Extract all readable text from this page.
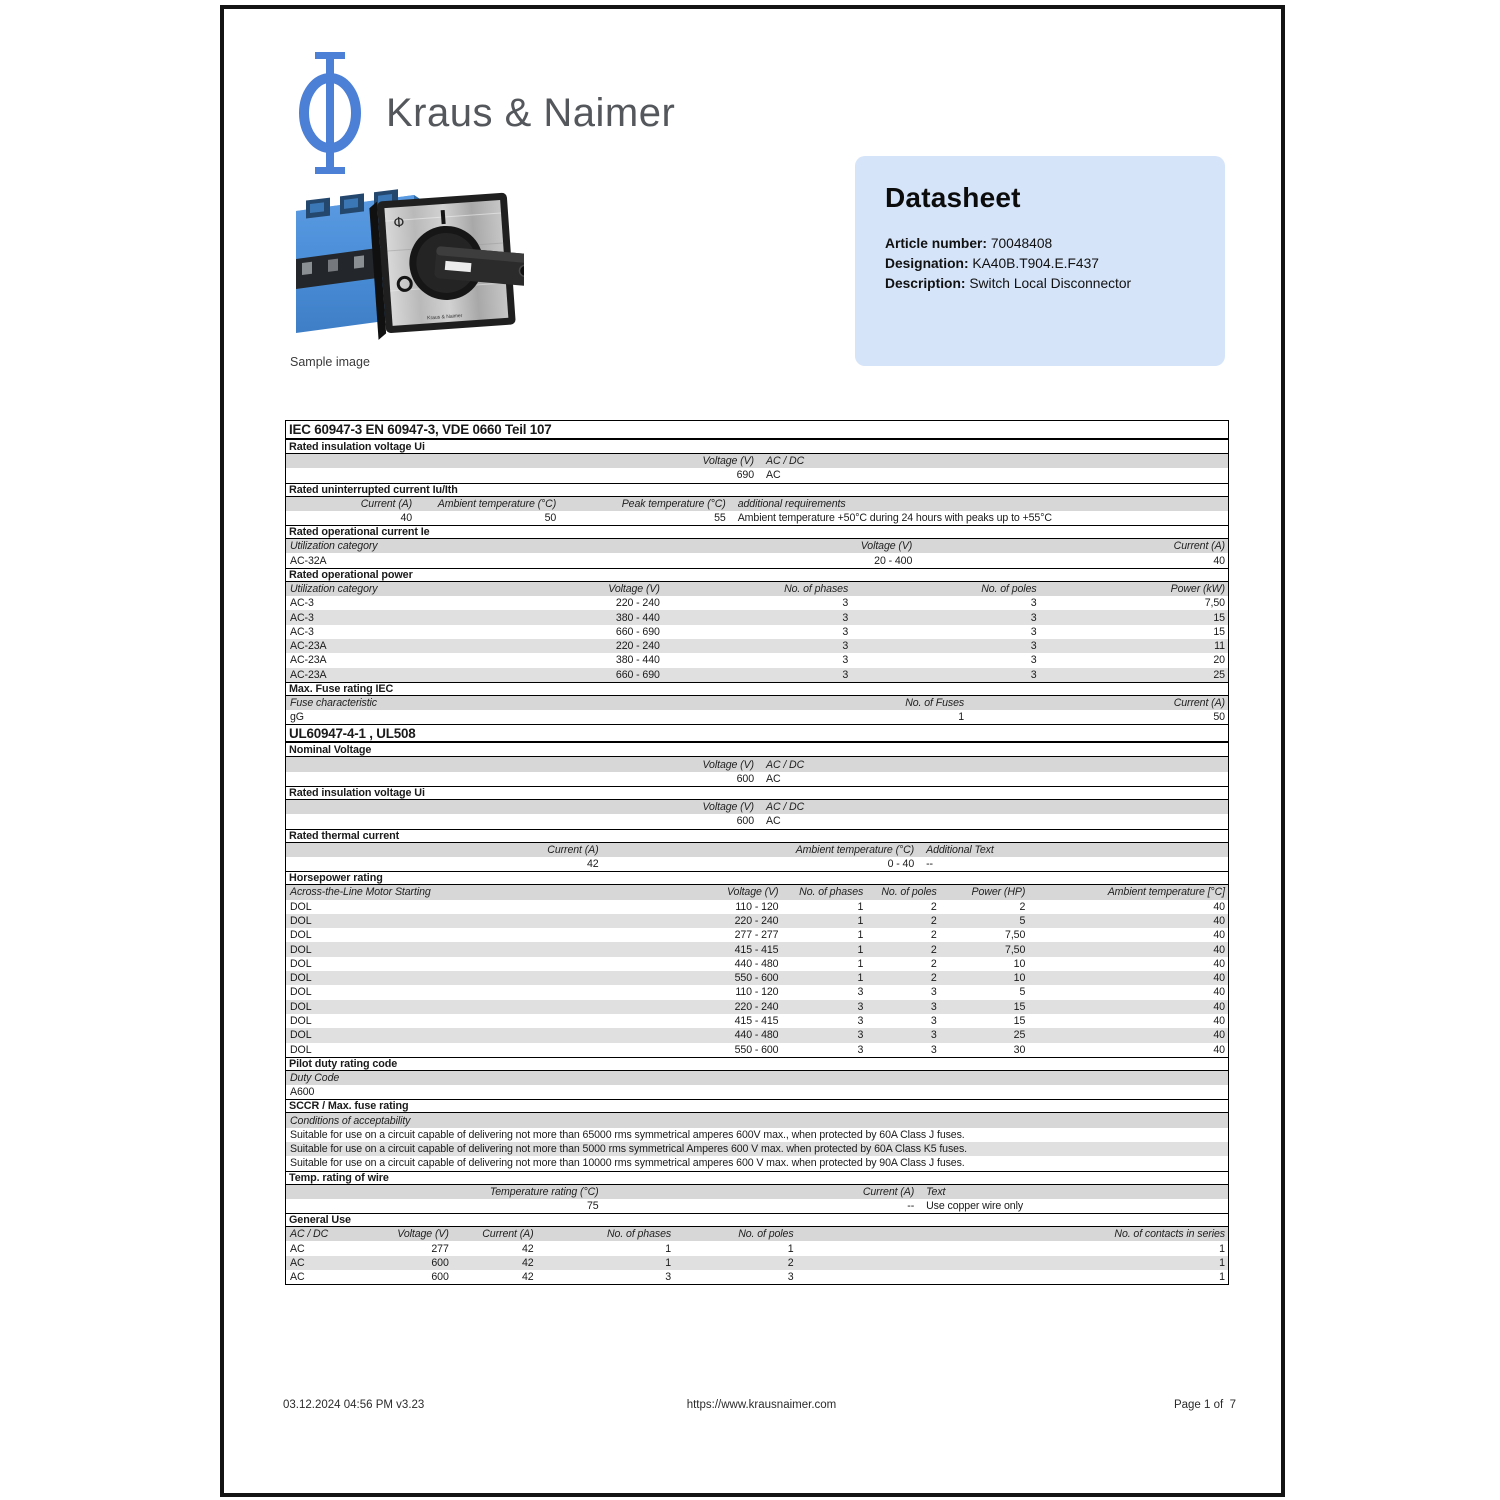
Kraus & Naimer
Φ
Kraus & Naimer
Sample image
Datasheet
Article number: 70048408
Designation: KA40B.T904.E.F437
Description: Switch Local Disconnector
IEC 60947-3 EN 60947-3, VDE 0660 Teil 107
Rated insulation voltage Ui
Voltage (V)	AC / DC
690	AC
Rated uninterrupted current Iu/Ith
Current (A)	Ambient temperature (°C)	Peak temperature (°C)	additional requirements
40	50	55	Ambient temperature +50°C during 24 hours with peaks up to +55°C
Rated operational current Ie
Utilization category	Voltage (V)	Current (A)
AC-32A	20 - 400	40
Rated operational power
Utilization category	Voltage (V)	No. of phases	No. of poles	Power (kW)
AC-3	220 - 240	3	3	7,50
AC-3	380 - 440	3	3	15
AC-3	660 - 690	3	3	15
AC-23A	220 - 240	3	3	11
AC-23A	380 - 440	3	3	20
AC-23A	660 - 690	3	3	25
Max. Fuse rating IEC
Fuse characteristic	No. of Fuses	Current (A)
gG	1	50
UL60947-4-1 , UL508
Nominal Voltage
Voltage (V)	AC / DC
600	AC
Rated insulation voltage Ui
Voltage (V)	AC / DC
600	AC
Rated thermal current
Current (A)	Ambient temperature (°C)	Additional Text
42	0 - 40	--
Horsepower rating
Across-the-Line Motor Starting	Voltage (V)	No. of phases	No. of poles	Power (HP)	Ambient temperature [°C]
DOL	110 - 120	1	2	2	40
DOL	220 - 240	1	2	5	40
DOL	277 - 277	1	2	7,50	40
DOL	415 - 415	1	2	7,50	40
DOL	440 - 480	1	2	10	40
DOL	550 - 600	1	2	10	40
DOL	110 - 120	3	3	5	40
DOL	220 - 240	3	3	15	40
DOL	415 - 415	3	3	15	40
DOL	440 - 480	3	3	25	40
DOL	550 - 600	3	3	30	40
Pilot duty rating code
Duty Code
A600
SCCR / Max. fuse rating
Conditions of acceptability
Suitable for use on a circuit capable of delivering not more than 65000 rms symmetrical amperes 600V max., when protected by 60A Class J fuses.
Suitable for use on a circuit capable of delivering not more than 5000 rms symmetrical Amperes 600 V max. when protected by 60A Class K5 fuses.
Suitable for use on a circuit capable of delivering not more than 10000 rms symmetrical amperes 600 V max. when protected by 90A Class J fuses.
Temp. rating of wire
Temperature rating (°C)	Current (A)	Text
75	--	Use copper wire only
General Use
AC / DC	Voltage (V)	Current (A)	No. of phases	No. of poles	No. of contacts in series
AC	277	42	1	1	1
AC	600	42	1	2	1
AC	600	42	3	3	1
03.12.2024 04:56 PM v3.23	https://www.krausnaimer.com	Page 1 of  7
